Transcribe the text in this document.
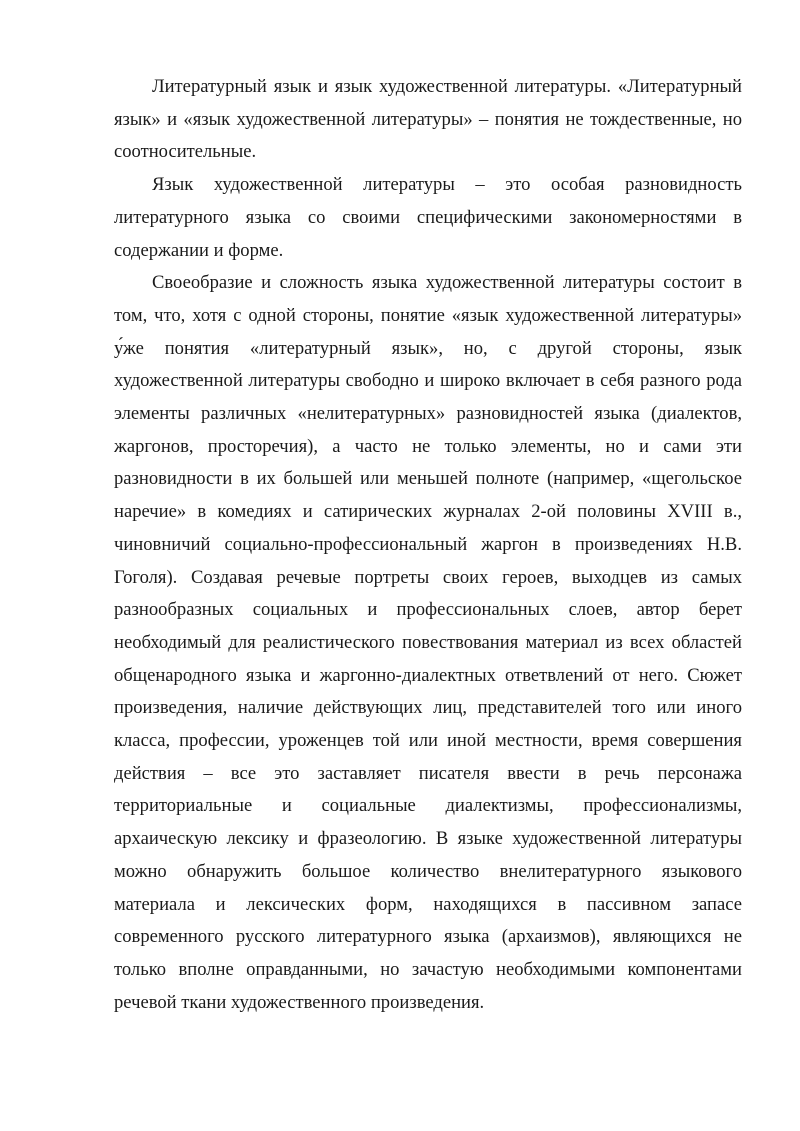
Литературный язык и язык художественной литературы. «Литературный язык» и «язык художественной литературы» – понятия не тождественные, но соотносительные.

Язык художественной литературы – это особая разновидность литературного языка со своими специфическими закономерностями в содержании и форме.

Своеобразие и сложность языка художественной литературы состоит в том, что, хотя с одной стороны, понятие «язык художественной литературы» у́же понятия «литературный язык», но, с другой стороны, язык художественной литературы свободно и широко включает в себя разного рода элементы различных «нелитературных» разновидностей языка (диалектов, жаргонов, просторечия), а часто не только элементы, но и сами эти разновидности в их большей или меньшей полноте (например, «щегольское наречие» в комедиях и сатирических журналах 2-ой половины XVIII в., чиновничий социально-профессиональный жаргон в произведениях Н.В. Гоголя). Создавая речевые портреты своих героев, выходцев из самых разнообразных социальных и профессиональных слоев, автор берет необходимый для реалистического повествования материал из всех областей общенародного языка и жаргонно-диалектных ответвлений от него. Сюжет произведения, наличие действующих лиц, представителей того или иного класса, профессии, уроженцев той или иной местности, время совершения действия – все это заставляет писателя ввести в речь персонажа территориальные и социальные диалектизмы, профессионализмы, архаическую лексику и фразеологию. В языке художественной литературы можно обнаружить большое количество внелитературного языкового материала и лексических форм, находящихся в пассивном запасе современного русского литературного языка (архаизмов), являющихся не только вполне оправданными, но зачастую необходимыми компонентами речевой ткани художественного произведения.
